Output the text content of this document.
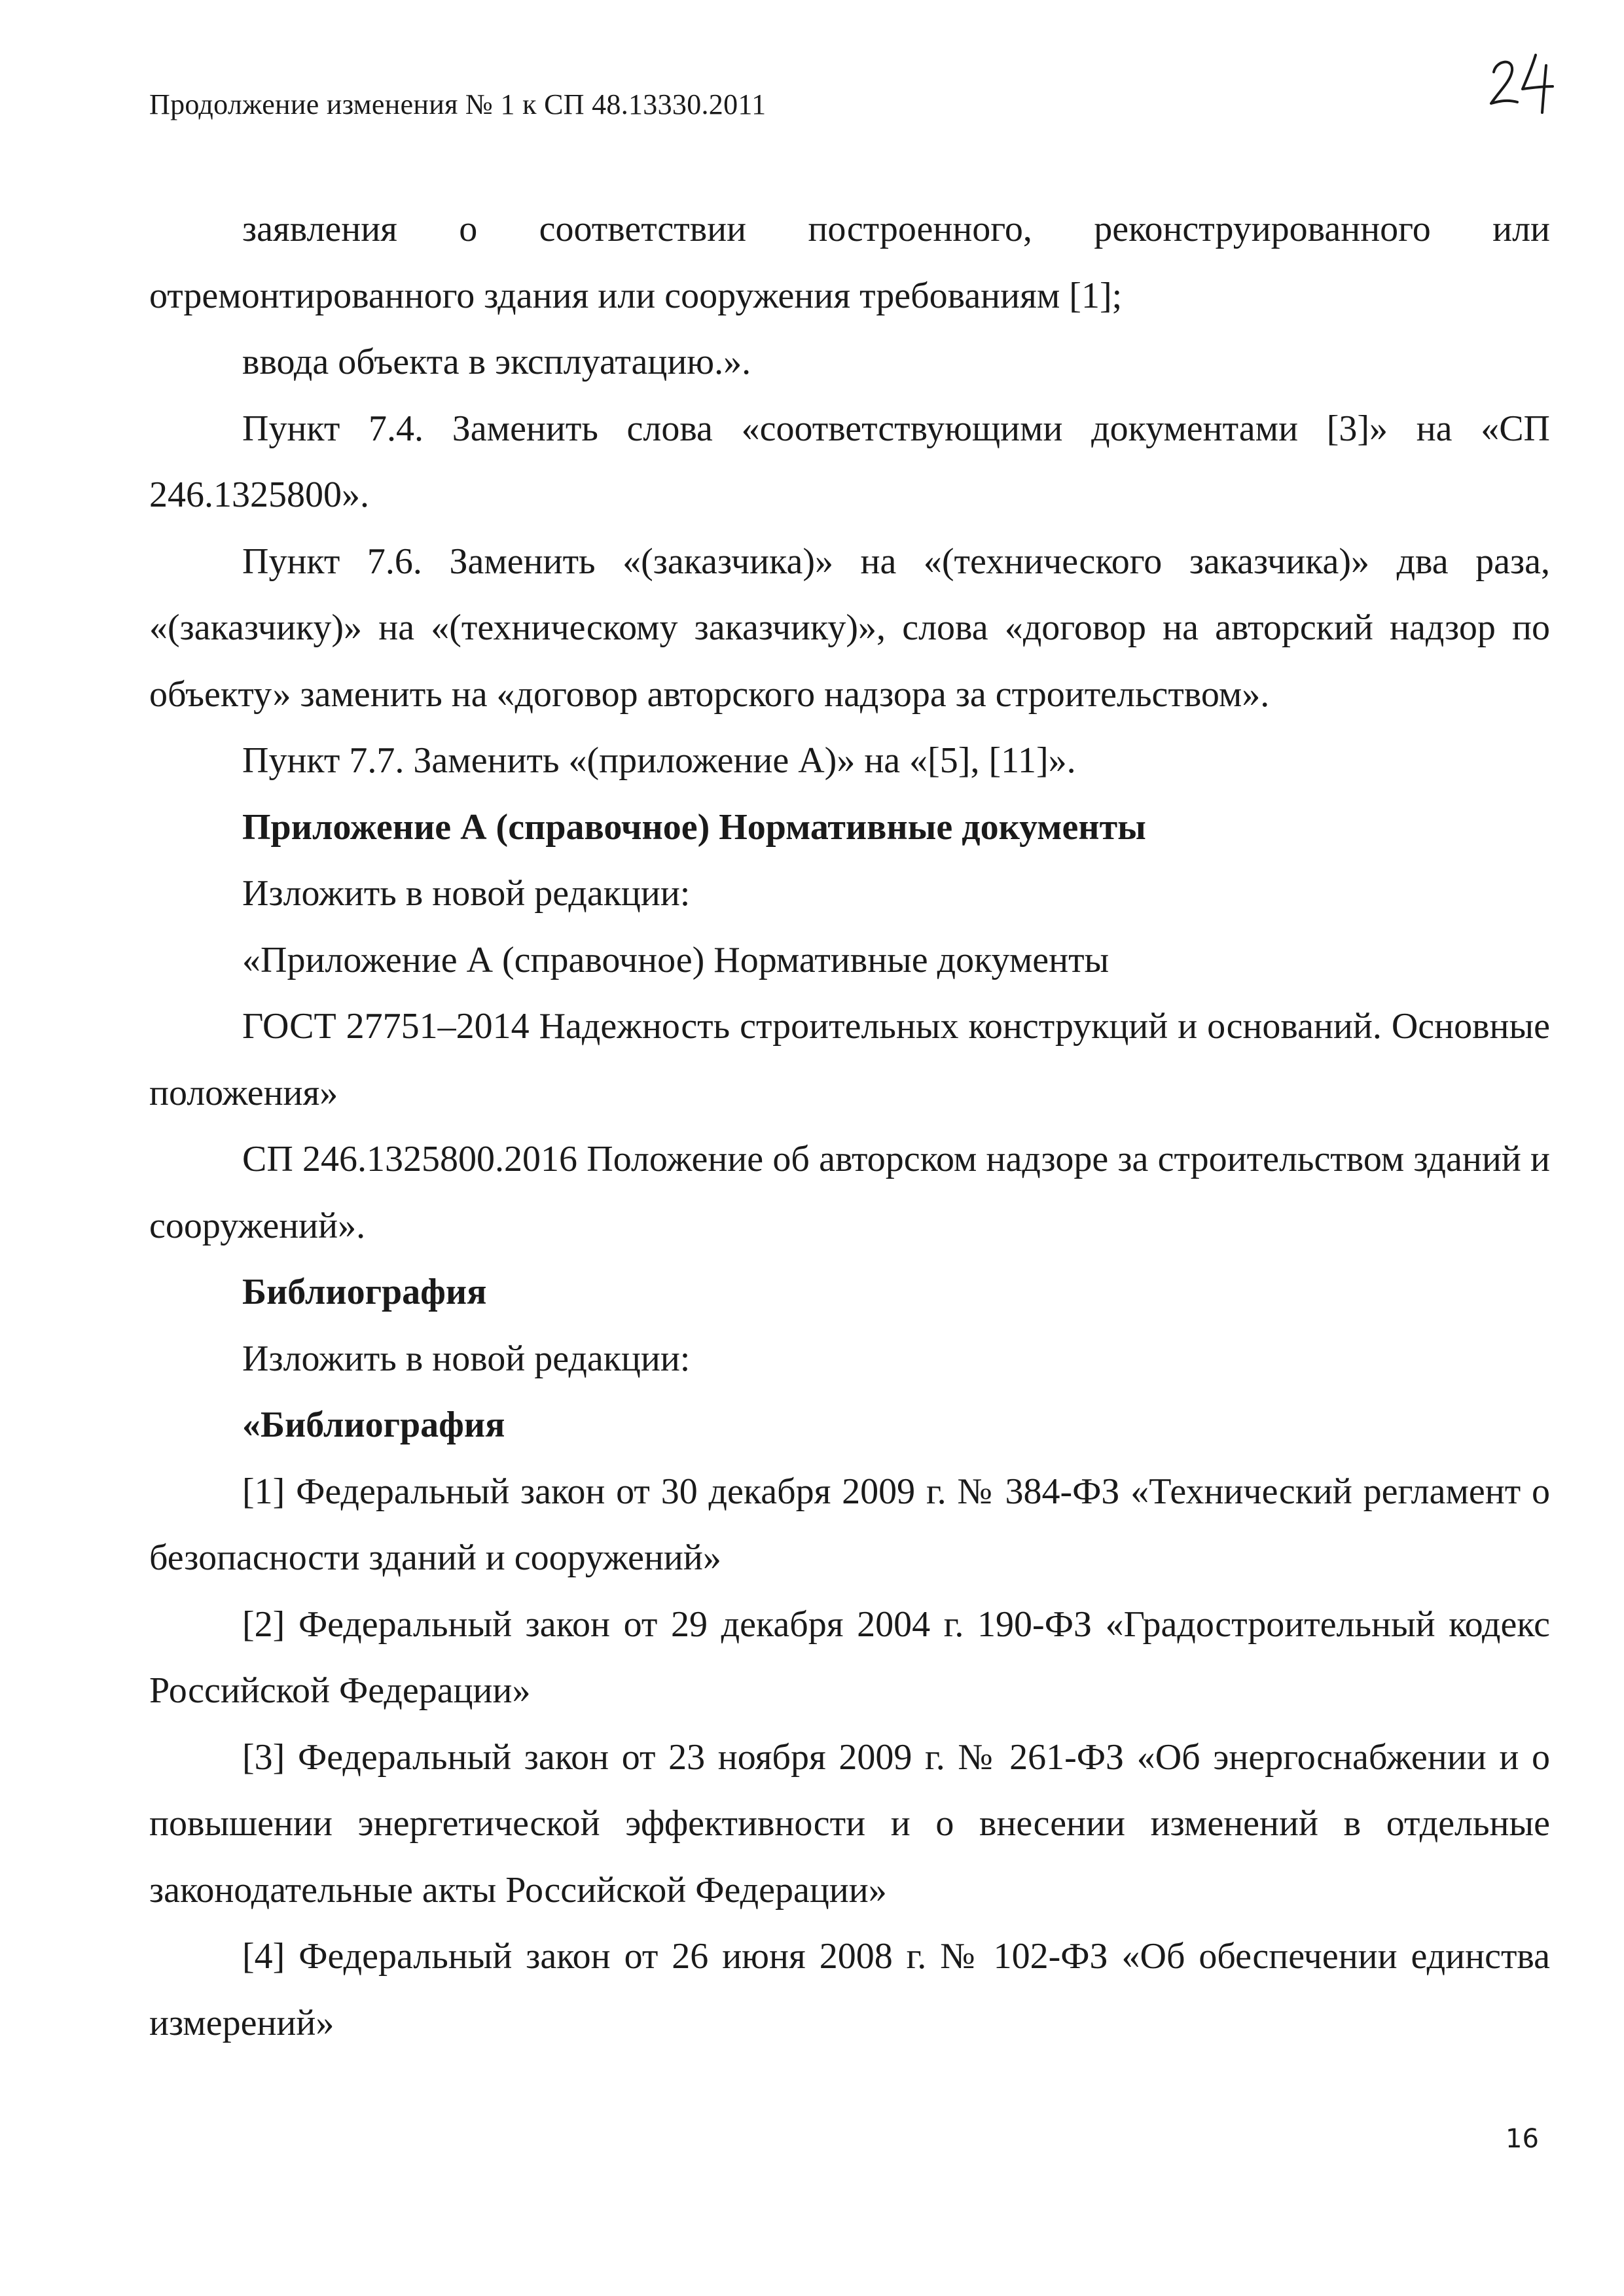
Продолжение изменения № 1 к СП 48.13330.2011

заявления о соответствии построенного, реконструированного или отремонтированного здания или сооружения требованиям [1];

ввода объекта в эксплуатацию.».

Пункт 7.4. Заменить слова «соответствующими документами [3]» на «СП 246.1325800».

Пункт 7.6. Заменить «(заказчика)» на «(технического заказчика)» два раза, «(заказчику)» на «(техническому заказчику)», слова «договор на авторский надзор по объекту» заменить на «договор авторского надзора за строительством».

Пункт 7.7. Заменить «(приложение А)» на «[5], [11]».

Приложение А (справочное) Нормативные документы

Изложить в новой редакции:

«Приложение А (справочное) Нормативные документы

ГОСТ 27751–2014 Надежность строительных конструкций и оснований. Основные положения»

СП 246.1325800.2016 Положение об авторском надзоре за строительством зданий и сооружений».

Библиография

Изложить в новой редакции:

«Библиография

[1] Федеральный закон от 30 декабря 2009 г. № 384-ФЗ «Технический регламент о безопасности зданий и сооружений»

[2] Федеральный закон от 29 декабря 2004 г. 190-ФЗ «Градостроительный кодекс Российской Федерации»

[3] Федеральный закон от 23 ноября 2009 г. № 261-ФЗ «Об энергоснабжении и о повышении энергетической эффективности и о внесении изменений в отдельные законодательные акты Российской Федерации»

[4] Федеральный закон от 26 июня 2008 г. № 102-ФЗ «Об обеспечении единства измерений»

16
